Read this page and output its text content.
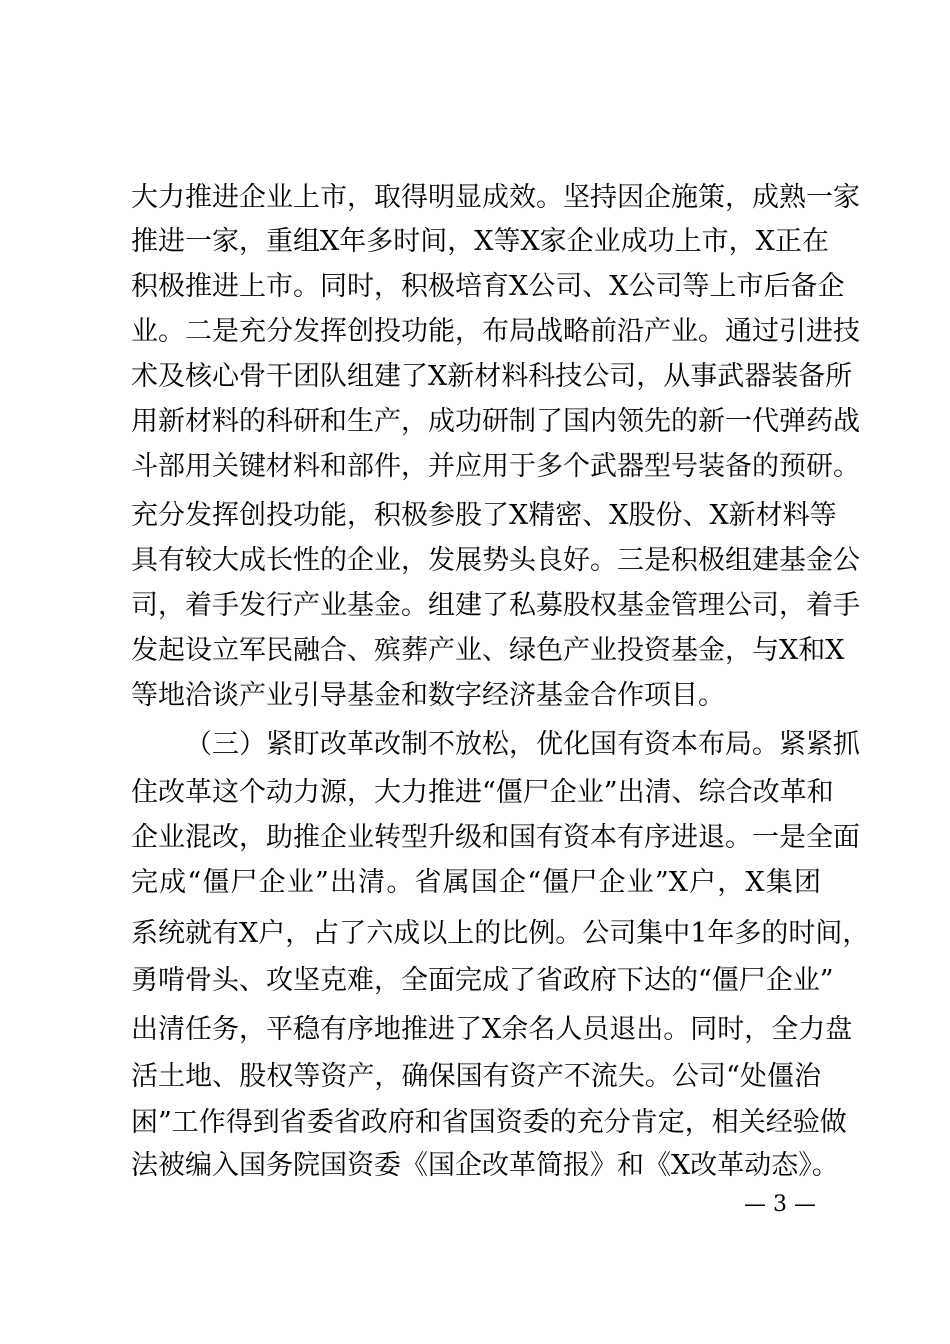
大力推进企业上市，取得明显成效。坚持因企施策，成熟一家
推进一家，重组X年多时间，X等X家企业成功上市，X正在
积极推进上市。同时，积极培育X公司、X公司等上市后备企
业。二是充分发挥创投功能，布局战略前沿产业。通过引进技
术及核心骨干团队组建了X新材料科技公司，从事武器装备所
用新材料的科研和生产，成功研制了国内领先的新一代弹药战
斗部用关键材料和部件，并应用于多个武器型号装备的预研。
充分发挥创投功能，积极参股了X精密、X股份、X新材料等
具有较大成长性的企业，发展势头良好。三是积极组建基金公
司，着手发行产业基金。组建了私募股权基金管理公司，着手
发起设立军民融合、殡葬产业、绿色产业投资基金，与X和X
等地洽谈产业引导基金和数字经济基金合作项目。
（三）紧盯改革改制不放松，优化国有资本布局。紧紧抓
住改革这个动力源，大力推进“僵尸企业”出清、综合改革和
企业混改，助推企业转型升级和国有资本有序进退。一是全面
完成“僵尸企业”出清。省属国企“僵尸企业”X户，X集团
系统就有X户，占了六成以上的比例。公司集中1年多的时间，
勇啃骨头、攻坚克难，全面完成了省政府下达的“僵尸企业”
出清任务，平稳有序地推进了X余名人员退出。同时，全力盘
活土地、股权等资产，确保国有资产不流失。公司“处僵治
困”工作得到省委省政府和省国资委的充分肯定，相关经验做
法被编入国务院国资委《国企改革简报》和《X改革动态》。
— 3 —
